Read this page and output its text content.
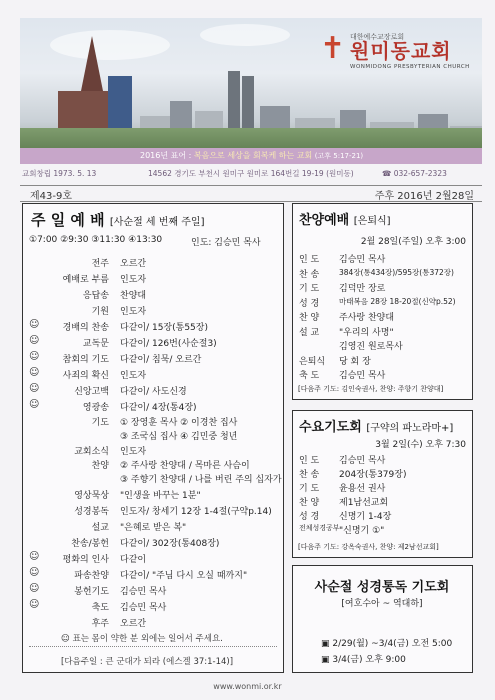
✝ 대한예수교장로회
원미동교회
WONMIDONG PRESBYTERIAN CHURCH
2016년 표어 : 복음으로 세상을 회복케 하는 교회 (고후 5:17-21)
교회창립 1973. 5. 13	14562 경기도 부천시 원미구 원미로 164번길 19-19 (원미동)	☎ 032-657-2323
제43-9호	주후 2016년 2월28일
주 일 예 배 [사순절 세 번째 주일]
①7:00 ②9:30 ③11:30 ④13:30	인도: 김승민 목사
전주 오르간
예배로 부름 인도자
응답송 찬양대
기원 인도자
☺	경배의 찬송 다같이/ 15장(통55장)
☺	교독문 다같이/ 126번(사순절3)
☺	참회의 기도 다같이/ 침묵/ 오르간
☺	사죄의 확신 인도자
☺	신앙고백 다같이/ 사도신경
☺	영광송 다같이/ 4장(통4장)
기도 ① 장영훈 목사 ② 이경찬 집사
③ 조국심 집사 ④ 김민중 청년
교회소식 인도자
찬양 ② 주사랑 찬양대 / 목마른 사슴이
③ 주향기 찬양대 / 나를 버린 주의 십자가
영상묵상 "인생을 바꾸는 1분"
성경봉독 인도자/ 창세기 12장 1-4절(구약p.14)
설교 "은혜로 받은 복"
찬송/봉헌 다같이/ 302장(통408장)
☺	평화의 인사 다같이
☺	파송찬양 다같이/ "주님 다시 오실 때까지"
☺	봉헌기도 김승민 목사
☺	축도 김승민 목사
후주 오르간
☺ 표는 몸이 약한 분 외에는 일어서 주세요.
[다음주일 : 큰 군대가 되라 (에스겔 37:1-14)]
찬양예배 [은퇴식]
2월 28일(주일) 오후 3:00
인 도 김승민 목사
찬 송	384장(통434장)/595장(통372장)
기 도 김덕만 장로
성 경	마태복음 28장 18-20절(신약p.52)
찬 양 주사랑 찬양대
설 교 "우리의 사명"
김영진 원로목사
은퇴식 당 회 장
축 도 김승민 목사
[다음주 기도: 김인숙권사, 찬양: 주향기 찬양대]
수요기도회 [구약의 파노라마+]
3월 2일(수) 오후 7:30
인 도 김승민 목사
찬 송 204장(통379장)
기 도 윤용선 권사
찬 양 제1남선교회
성 경 신명기 1-4장
전체성경공부 "신명기 ①"
[다음주 기도: 강옥숙권사, 찬양: 제2남선교회]
사순절 성경통독 기도회
[여호수아 ~ 역대하]
▣ 2/29(월) ~3/4(금) 오전 5:00
▣ 3/4(금) 오후 9:00
www.wonmi.or.kr
